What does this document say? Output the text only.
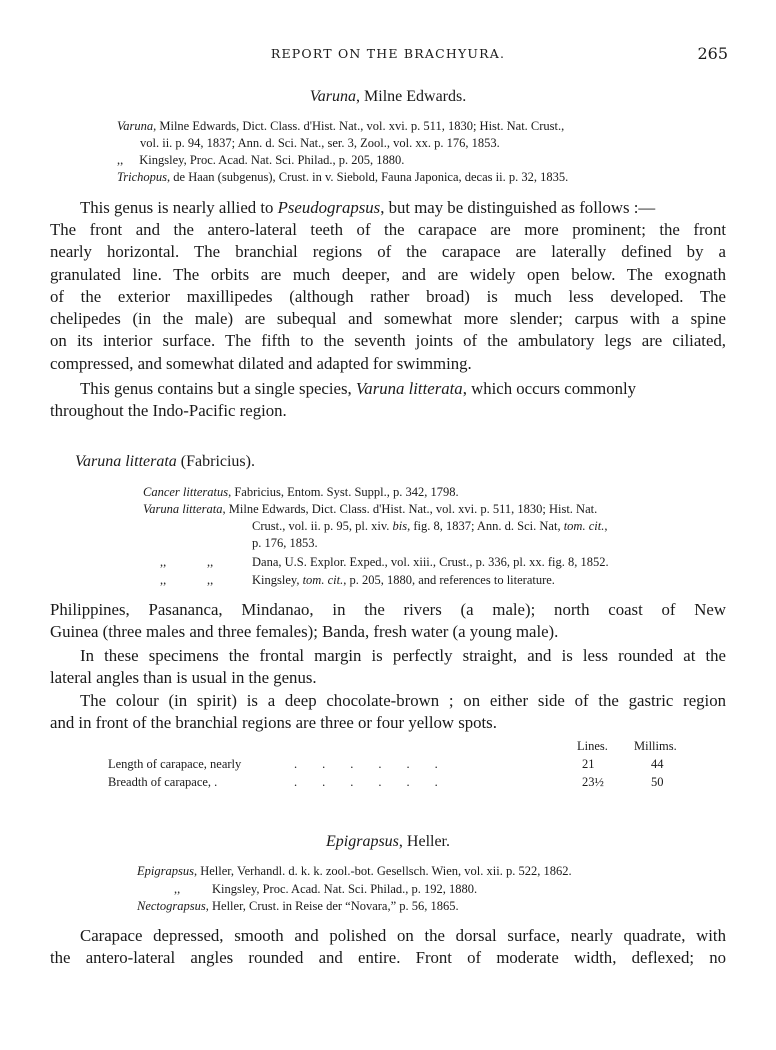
REPORT ON THE BRACHYURA.	265
Varuna, Milne Edwards.
Varuna, Milne Edwards, Dict. Class. d'Hist. Nat., vol. xvi. p. 511, 1830; Hist. Nat. Crust.,
vol. ii. p. 94, 1837; Ann. d. Sci. Nat., ser. 3, Zool., vol. xx. p. 176, 1853.
,, Kingsley, Proc. Acad. Nat. Sci. Philad., p. 205, 1880.
Trichopus, de Haan (subgenus), Crust. in v. Siebold, Fauna Japonica, decas ii. p. 32, 1835.
This genus is nearly allied to Pseudograpsus, but may be distinguished as follows :—
The front and the antero-lateral teeth of the carapace are more prominent; the front
nearly horizontal. The branchial regions of the carapace are laterally defined by a
granulated line. The orbits are much deeper, and are widely open below. The exognath
of the exterior maxillipedes (although rather broad) is much less developed. The
chelipedes (in the male) are subequal and somewhat more slender; carpus with a spine
on its interior surface. The fifth to the seventh joints of the ambulatory legs are ciliated,
compressed, and somewhat dilated and adapted for swimming.
This genus contains but a single species, Varuna litterata, which occurs commonly
throughout the Indo-Pacific region.
Varuna litterata (Fabricius).
Cancer litteratus, Fabricius, Entom. Syst. Suppl., p. 342, 1798.
Varuna litterata, Milne Edwards, Dict. Class. d'Hist. Nat., vol. xvi. p. 511, 1830; Hist. Nat.
Crust., vol. ii. p. 95, pl. xiv. bis, fig. 8, 1837; Ann. d. Sci. Nat, tom. cit.,
p. 176, 1853.
,,	,,	Dana, U.S. Explor. Exped., vol. xiii., Crust., p. 336, pl. xx. fig. 8, 1852.
,,	,,	Kingsley, tom. cit., p. 205, 1880, and references to literature.
Philippines, Pasananca, Mindanao, in the rivers (a male); north coast of New
Guinea (three males and three females); Banda, fresh water (a young male).
In these specimens the frontal margin is perfectly straight, and is less rounded at the
lateral angles than is usual in the genus.
The colour (in spirit) is a deep chocolate-brown ; on either side of the gastric region
and in front of the branchial regions are three or four yellow spots.
Lines. Millims.
Length of carapace, nearly	.        .        .        .        .        .	21	44
Breadth of carapace, .	.        .        .        .        .        .	23½	50
Epigrapsus, Heller.
Epigrapsus, Heller, Verhandl. d. k. k. zool.-bot. Gesellsch. Wien, vol. xii. p. 522, 1862.
,,	Kingsley, Proc. Acad. Nat. Sci. Philad., p. 192, 1880.
Nectograpsus, Heller, Crust. in Reise der “Novara,” p. 56, 1865.
Carapace depressed, smooth and polished on the dorsal surface, nearly quadrate, with
the antero-lateral angles rounded and entire. Front of moderate width, deflexed; no
